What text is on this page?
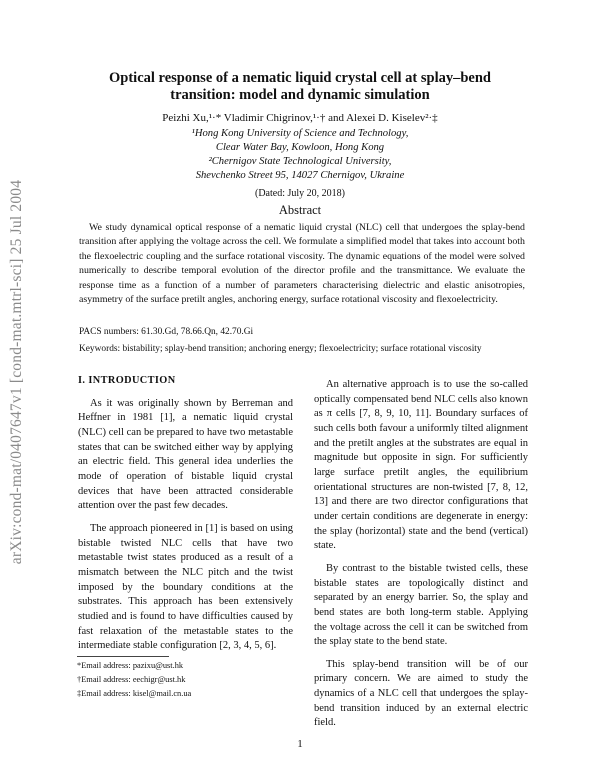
arXiv:cond-mat/0407647v1 [cond-mat.mtrl-sci] 25 Jul 2004
Optical response of a nematic liquid crystal cell at splay–bend
transition: model and dynamic simulation
Peizhi Xu,¹·* Vladimir Chigrinov,¹·† and Alexei D. Kiselev²·‡
¹Hong Kong University of Science and Technology,
Clear Water Bay, Kowloon, Hong Kong
²Chernigov State Technological University,
Shevchenko Street 95, 14027 Chernigov, Ukraine
(Dated: July 20, 2018)
Abstract
We study dynamical optical response of a nematic liquid crystal (NLC) cell that undergoes the splay-bend transition after applying the voltage across the cell. We formulate a simplified model that takes into account both the flexoelectric coupling and the surface rotational viscosity. The dynamic equations of the model were solved numerically to describe temporal evolution of the director profile and the transmittance. We evaluate the response time as a function of a number of parameters characterising dielectric and elastic anisotropies, asymmetry of the surface pretilt angles, anchoring energy, surface rotational viscosity and flexoelectricity.
PACS numbers: 61.30.Gd, 78.66.Qn, 42.70.Gi
Keywords: bistability; splay-bend transition; anchoring energy; flexoelectricity; surface rotational viscosity

I. INTRODUCTION

As it was originally shown by Berreman and Heffner in 1981 [1], a nematic liquid crystal (NLC) cell can be prepared to have two metastable states that can be switched either way by applying an electric field. This general idea underlies the mode of operation of bistable liquid crystal devices that have been attracted considerable attention over the past few decades.

The approach pioneered in [1] is based on using bistable twisted NLC cells that have two metastable twist states produced as a result of a mismatch between the NLC pitch and the twist imposed by the boundary conditions at the substrates. This approach has been extensively studied and is found to have difficulties caused by fast relaxation of the metastable states to the intermediate stable configuration [2, 3, 4, 5, 6].

An alternative approach is to use the so-called optically compensated bend NLC cells also known as π cells [7, 8, 9, 10, 11]. Boundary surfaces of such cells both favour a uniformly tilted alignment and the pretilt angles at the substrates are equal in magnitude but opposite in sign. For sufficiently large surface pretilt angles, the equilibrium orientational structures are non-twisted [7, 8, 12, 13] and there are two director configurations that under certain conditions are degenerate in energy: the splay (horizontal) state and the bend (vertical) state.

By contrast to the bistable twisted cells, these bistable states are topologically distinct and separated by an energy barrier. So, the splay and bend states are both long-term stable. Applying the voltage across the cell it can be switched from the splay state to the bend state.

This splay-bend transition will be of our primary concern. We are aimed to study the dynamics of a NLC cell that undergoes the splay-bend transition induced by an external electric field.

*Email address: pazixu@ust.hk
†Email address: eechigr@ust.hk
‡Email address: kisel@mail.cn.ua
1
